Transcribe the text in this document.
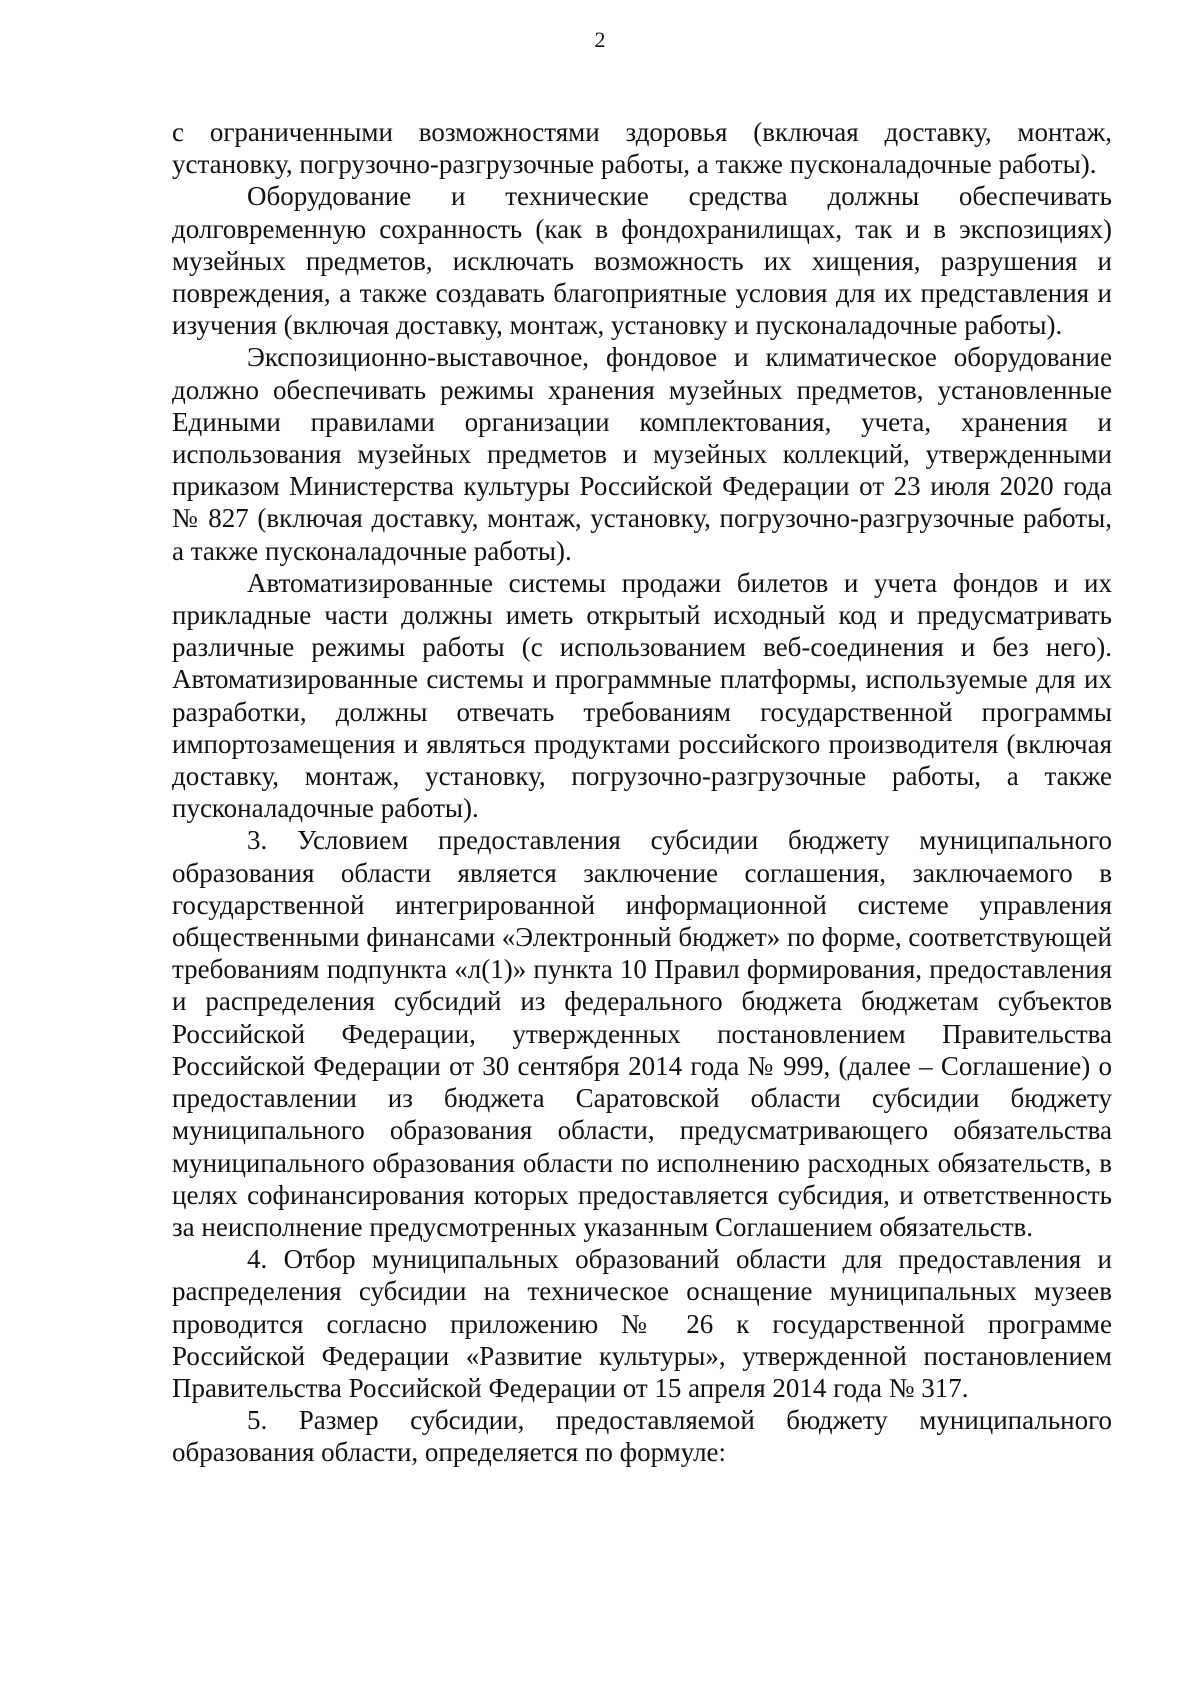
2

с ограниченными возможностями здоровья (включая доставку, монтаж, установку, погрузочно-разгрузочные работы, а также пусконаладочные работы).

Оборудование и технические средства должны обеспечивать долговременную сохранность (как в фондохранилищах, так и в экспозициях) музейных предметов, исключать возможность их хищения, разрушения и повреждения, а также создавать благоприятные условия для их представления и изучения (включая доставку, монтаж, установку и пусконаладочные работы).

Экспозиционно-выставочное, фондовое и климатическое оборудование должно обеспечивать режимы хранения музейных предметов, установленные Едиными правилами организации комплектования, учета, хранения и использования музейных предметов и музейных коллекций, утвержденными приказом Министерства культуры Российской Федерации от 23 июля 2020 года № 827 (включая доставку, монтаж, установку, погрузочно-разгрузочные работы, а также пусконаладочные работы).

Автоматизированные системы продажи билетов и учета фондов и их прикладные части должны иметь открытый исходный код и предусматривать различные режимы работы (с использованием веб-соединения и без него). Автоматизированные системы и программные платформы, используемые для их разработки, должны отвечать требованиям государственной программы импортозамещения и являться продуктами российского производителя (включая доставку, монтаж, установку, погрузочно-разгрузочные работы, а также пусконаладочные работы).

3. Условием предоставления субсидии бюджету муниципального образования области является заключение соглашения, заключаемого в государственной интегрированной информационной системе управления общественными финансами «Электронный бюджет» по форме, соответствующей требованиям подпункта «л(1)» пункта 10 Правил формирования, предоставления и распределения субсидий из федерального бюджета бюджетам субъектов Российской Федерации, утвержденных постановлением Правительства Российской Федерации от 30 сентября 2014 года № 999, (далее – Соглашение) о предоставлении из бюджета Саратовской области субсидии бюджету муниципального образования области, предусматривающего обязательства муниципального образования области по исполнению расходных обязательств, в целях софинансирования которых предоставляется субсидия, и ответственность за неисполнение предусмотренных указанным Соглашением обязательств.

4. Отбор муниципальных образований области для предоставления и распределения субсидии на техническое оснащение муниципальных музеев проводится согласно приложению № 26 к государственной программе Российской Федерации «Развитие культуры», утвержденной постановлением Правительства Российской Федерации от 15 апреля 2014 года № 317.

5. Размер субсидии, предоставляемой бюджету муниципального образования области, определяется по формуле:
